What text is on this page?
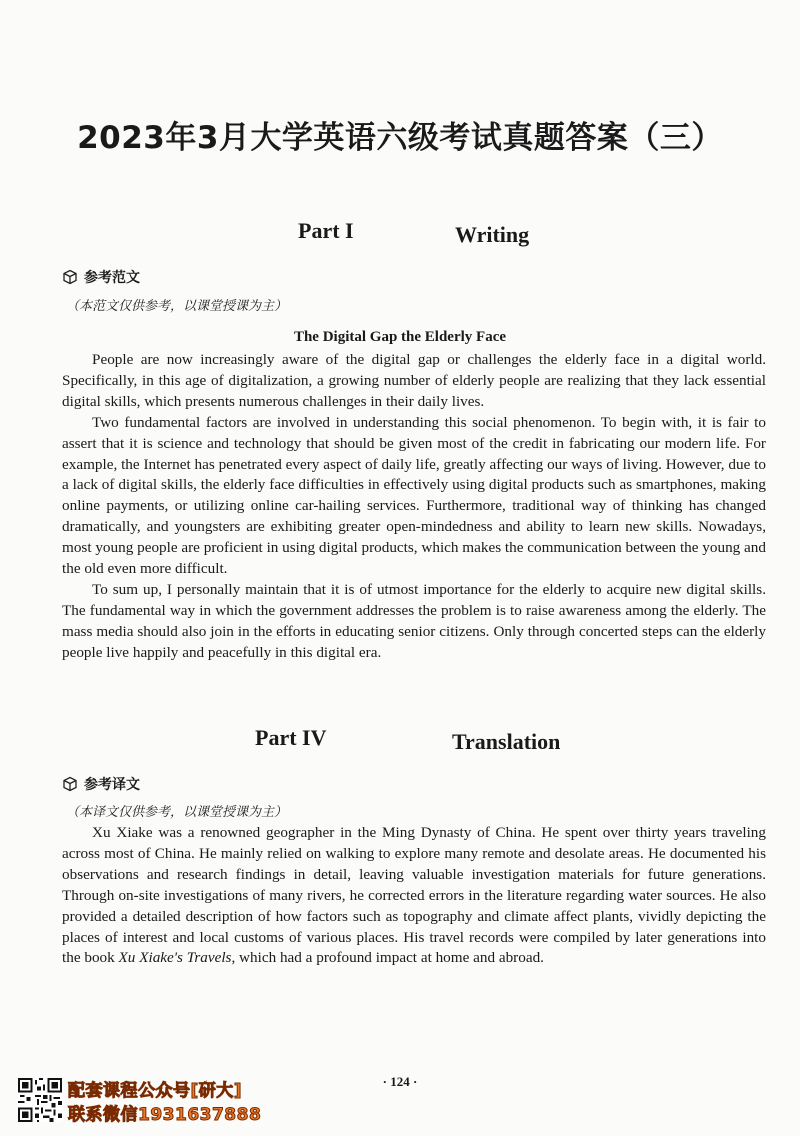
2023年3月大学英语六级考试真题答案（三）
Part I	Writing
参考范文
（本范文仅供参考，以课堂授课为主）
The Digital Gap the Elderly Face

People are now increasingly aware of the digital gap or challenges the elderly face in a digital world. Specifically, in this age of digitalization, a growing number of elderly people are realizing that they lack essential digital skills, which presents numerous challenges in their daily lives.

Two fundamental factors are involved in understanding this social phenomenon. To begin with, it is fair to assert that it is science and technology that should be given most of the credit in fabricating our modern life. For example, the Internet has penetrated every aspect of daily life, greatly affecting our ways of living. However, due to a lack of digital skills, the elderly face difficulties in effectively using digital products such as smartphones, making online payments, or utilizing online car-hailing services. Furthermore, traditional way of thinking has changed dramatically, and youngsters are exhibiting greater open-mindedness and ability to learn new skills. Nowadays, most young people are proficient in using digital products, which makes the communication between the young and the old even more difficult.

To sum up, I personally maintain that it is of utmost importance for the elderly to acquire new digital skills. The fundamental way in which the government addresses the problem is to raise awareness among the elderly. The mass media should also join in the efforts in educating senior citizens. Only through concerted steps can the elderly people live happily and peacefully in this digital era.

Part IV	Translation
参考译文
（本译文仅供参考，以课堂授课为主）

Xu Xiake was a renowned geographer in the Ming Dynasty of China. He spent over thirty years traveling across most of China. He mainly relied on walking to explore many remote and desolate areas. He documented his observations and research findings in detail, leaving valuable investigation materials for future generations. Through on-site investigations of many rivers, he corrected errors in the literature regarding water sources. He also provided a detailed description of how factors such as topography and climate affect plants, vividly depicting the places of interest and local customs of various places. His travel records were compiled by later generations into the book Xu Xiake's Travels, which had a profound impact at home and abroad.

· 124 ·
配套课程公众号[研大]
联系微信1931637888
